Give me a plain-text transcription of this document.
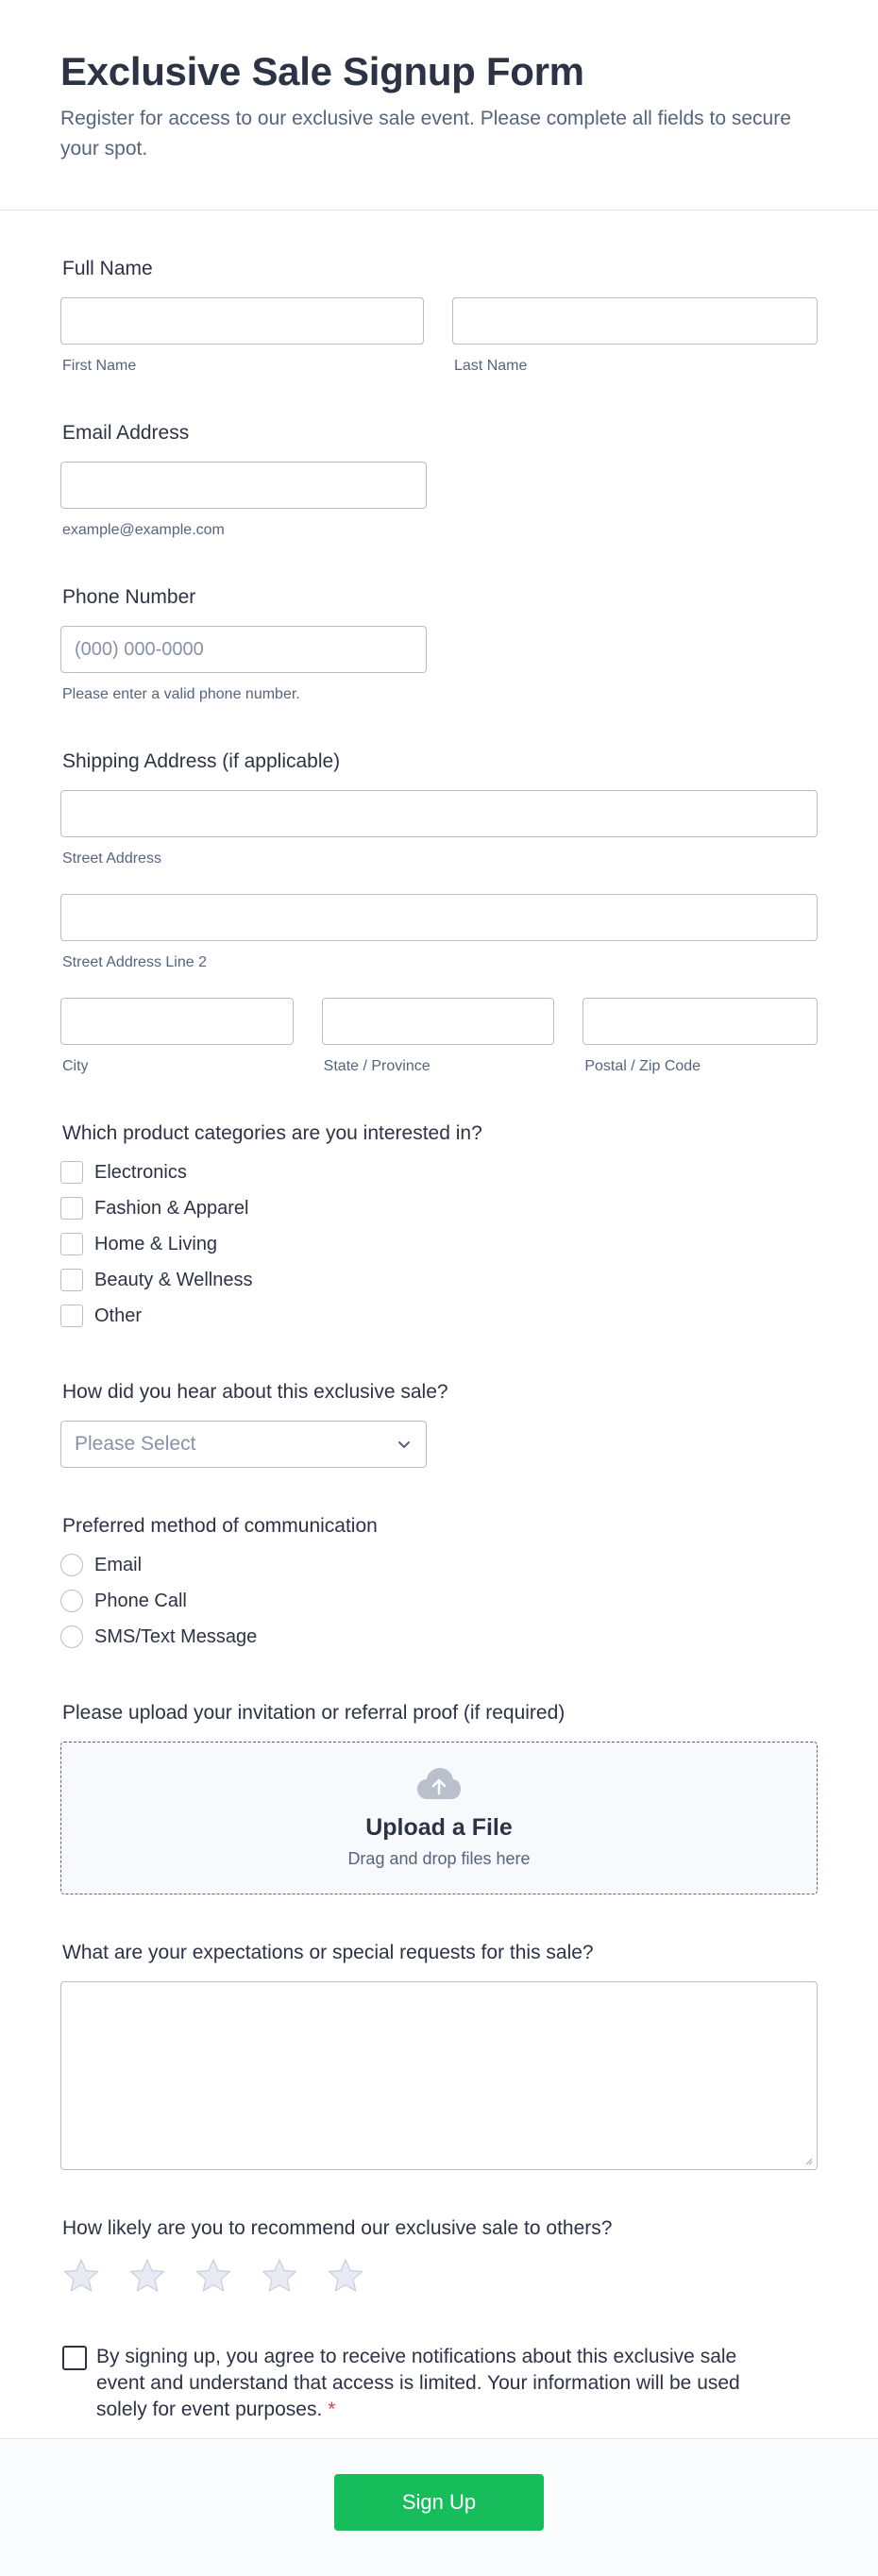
Exclusive Sale Signup Form

Register for access to our exclusive sale event. Please complete all fields to secure your spot.

Full Name
First Name	Last Name
Email Address
example@example.com
Phone Number
(000) 000-0000
Please enter a valid phone number.
Shipping Address (if applicable)
Street Address
Street Address Line 2
City	State / Province	Postal / Zip Code
Which product categories are you interested in?
Electronics
Fashion & Apparel
Home & Living
Beauty & Wellness
Other
How did you hear about this exclusive sale?
Please Select
Preferred method of communication
Email
Phone Call
SMS/Text Message
Please upload your invitation or referral proof (if required)
Upload a File
Drag and drop files here
What are your expectations or special requests for this sale?
How likely are you to recommend our exclusive sale to others?
By signing up, you agree to receive notifications about this exclusive sale event and understand that access is limited. Your information will be used solely for event purposes. *
Sign Up
